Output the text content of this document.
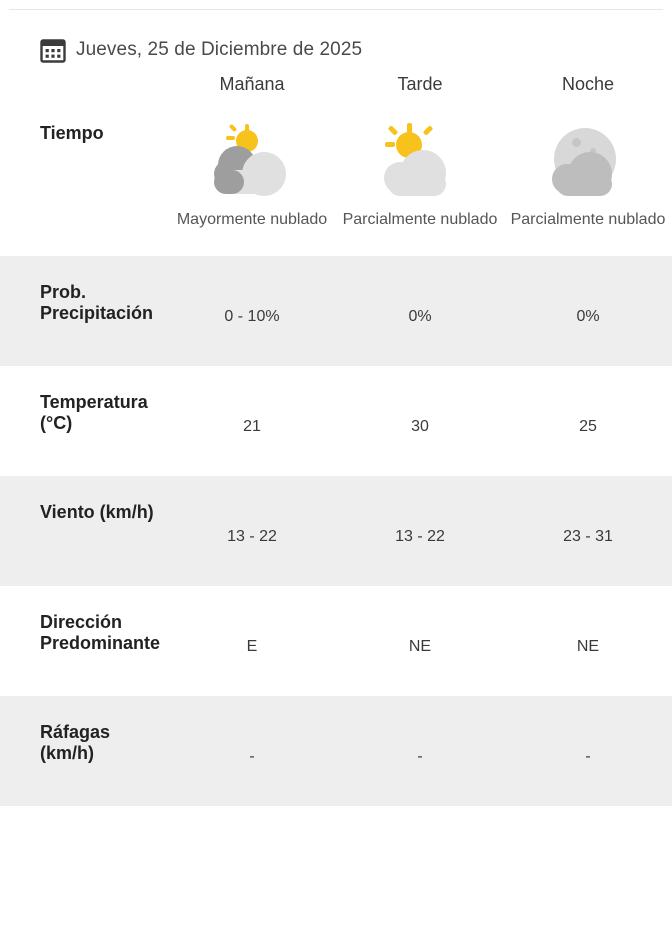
Jueves, 25 de Diciembre de 2025
	Mañana	Tarde	Noche
Tiempo	Mayormente nublado	Parcialmente nublado	Parcialmente nublado

Prob. Precipitación	0 - 10%	0%	0%
Temperatura (°C)	21	30	25
Viento (km/h)	13 - 22	13 - 22	23 - 31
Dirección Predominante	E	NE	NE
Ráfagas (km/h)	-	-	-
